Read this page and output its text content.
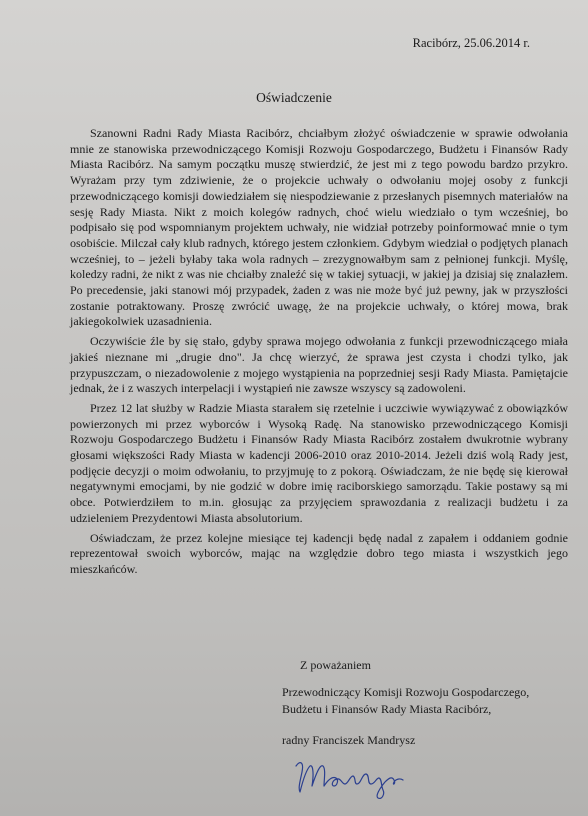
Racibórz, 25.06.2014 r.
Oświadczenie

Szanowni Radni Rady Miasta Racibórz, chciałbym złożyć oświadczenie w sprawie odwołania mnie ze stanowiska przewodniczącego Komisji Rozwoju Gospodarczego, Budżetu i Finansów Rady Miasta Racibórz. Na samym początku muszę stwierdzić, że jest mi z tego powodu bardzo przykro. Wyrażam przy tym zdziwienie, że o projekcie uchwały o odwołaniu mojej osoby z funkcji przewodniczącego komisji dowiedziałem się niespodziewanie z przesłanych pisemnych materiałów na sesję Rady Miasta. Nikt z moich kolegów radnych, choć wielu wiedziało o tym wcześniej, bo podpisało się pod wspomnianym projektem uchwały, nie widział potrzeby poinformować mnie o tym osobiście. Milczał cały klub radnych, którego jestem członkiem. Gdybym wiedział o podjętych planach wcześniej, to – jeżeli byłaby taka wola radnych – zrezygnowałbym sam z pełnionej funkcji. Myślę, koledzy radni, że nikt z was nie chciałby znaleźć się w takiej sytuacji, w jakiej ja dzisiaj się znalazłem. Po precedensie, jaki stanowi mój przypadek, żaden z was nie może być już pewny, jak w przyszłości zostanie potraktowany. Proszę zwrócić uwagę, że na projekcie uchwały, o której mowa, brak jakiegokolwiek uzasadnienia.

Oczywiście źle by się stało, gdyby sprawa mojego odwołania z funkcji przewodniczącego miała jakieś nieznane mi „drugie dno". Ja chcę wierzyć, że sprawa jest czysta i chodzi tylko, jak przypuszczam, o niezadowolenie z mojego wystąpienia na poprzedniej sesji Rady Miasta. Pamiętajcie jednak, że i z waszych interpelacji i wystąpień nie zawsze wszyscy są zadowoleni.

Przez 12 lat służby w Radzie Miasta starałem się rzetelnie i uczciwie wywiązywać z obowiązków powierzonych mi przez wyborców i Wysoką Radę. Na stanowisko przewodniczącego Komisji Rozwoju Gospodarczego Budżetu i Finansów Rady Miasta Racibórz zostałem dwukrotnie wybrany głosami większości Rady Miasta w kadencji 2006-2010 oraz 2010-2014. Jeżeli dziś wolą Rady jest, podjęcie decyzji o moim odwołaniu, to przyjmuję to z pokorą. Oświadczam, że nie będę się kierował negatywnymi emocjami, by nie godzić w dobre imię raciborskiego samorządu. Takie postawy są mi obce. Potwierdziłem to m.in. głosując za przyjęciem sprawozdania z realizacji budżetu i za udzieleniem Prezydentowi Miasta absolutorium.

Oświadczam, że przez kolejne miesiące tej kadencji będę nadal z zapałem i oddaniem godnie reprezentował swoich wyborców, mając na względzie dobro tego miasta i wszystkich jego mieszkańców.

Z poważaniem
Przewodniczący Komisji Rozwoju Gospodarczego,
Budżetu i Finansów Rady Miasta Racibórz,
radny Franciszek Mandrysz
